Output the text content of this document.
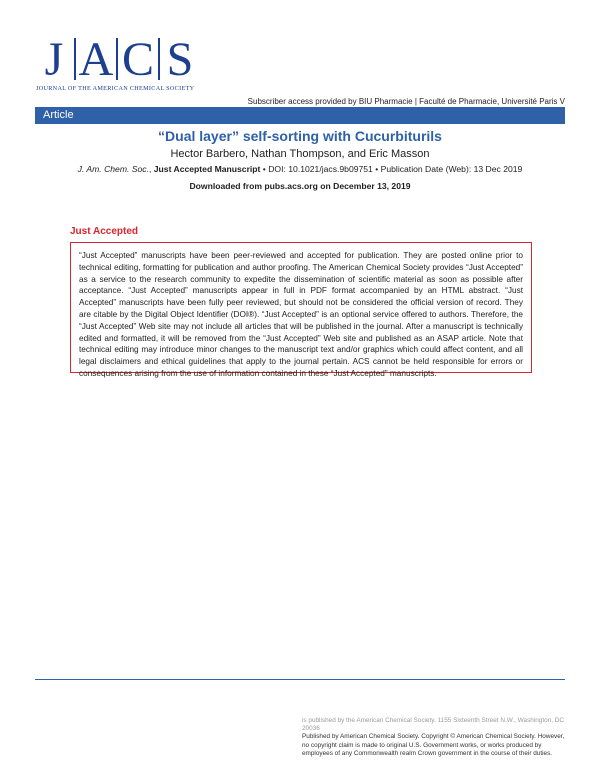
J A C S
JOURNAL OF THE AMERICAN CHEMICAL SOCIETY
Subscriber access provided by BIU Pharmacie | Faculté de Pharmacie, Université Paris V
Article
“Dual layer” self-sorting with Cucurbiturils
Hector Barbero, Nathan Thompson, and Eric Masson
J. Am. Chem. Soc., Just Accepted Manuscript • DOI: 10.1021/jacs.9b09751 • Publication Date (Web): 13 Dec 2019
Downloaded from pubs.acs.org on December 13, 2019
Just Accepted
“Just Accepted” manuscripts have been peer-reviewed and accepted for publication. They are posted online prior to technical editing, formatting for publication and author proofing. The American Chemical Society provides “Just Accepted” as a service to the research community to expedite the dissemination of scientific material as soon as possible after acceptance. “Just Accepted” manuscripts appear in full in PDF format accompanied by an HTML abstract. “Just Accepted” manuscripts have been fully peer reviewed, but should not be considered the official version of record. They are citable by the Digital Object Identifier (DOI®). “Just Accepted” is an optional service offered to authors. Therefore, the “Just Accepted” Web site may not include all articles that will be published in the journal. After a manuscript is technically edited and formatted, it will be removed from the “Just Accepted” Web site and published as an ASAP article. Note that technical editing may introduce minor changes to the manuscript text and/or graphics which could affect content, and all legal disclaimers and ethical guidelines that apply to the journal pertain. ACS cannot be held responsible for errors or consequences arising from the use of information contained in these “Just Accepted” manuscripts.
is published by the American Chemical Society. 1155 Sixteenth Street N.W., Washington, DC 20036
Published by American Chemical Society. Copyright © American Chemical Society. However, no copyright claim is made to original U.S. Government works, or works produced by employees of any Commonwealth realm Crown government in the course of their duties.
